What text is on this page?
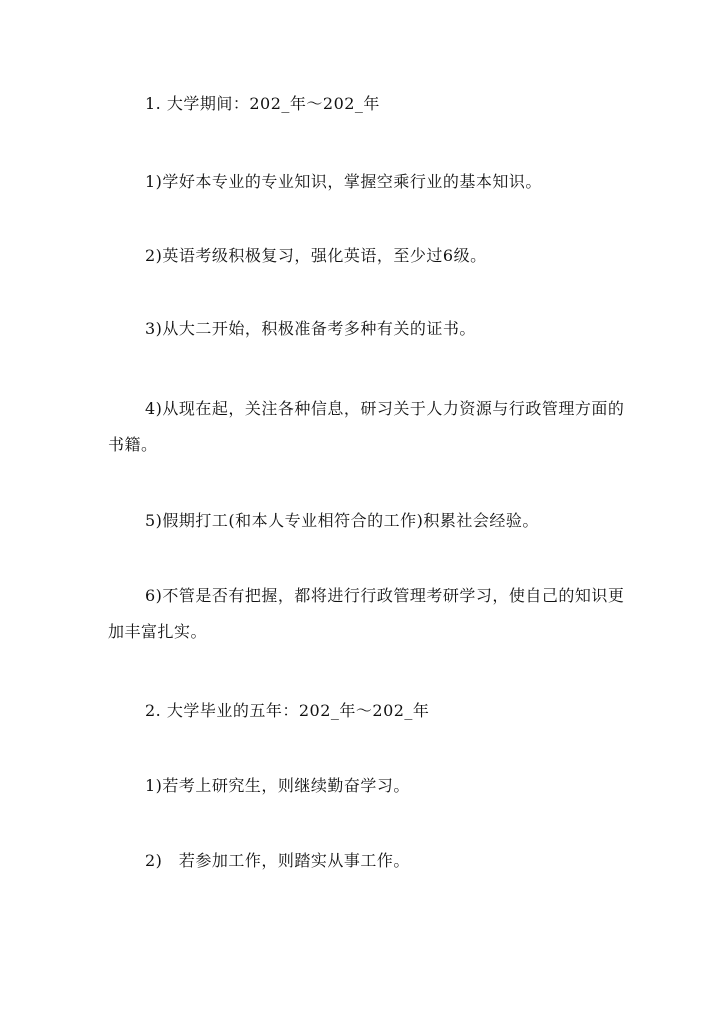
1. 大学期间：202_年～202_年

1)学好本专业的专业知识，掌握空乘行业的基本知识。

2)英语考级积极复习，强化英语，至少过6级。

3)从大二开始，积极准备考多种有关的证书。

4)从现在起，关注各种信息，研习关于人力资源与行政管理方面的书籍。

5)假期打工(和本人专业相符合的工作)积累社会经验。

6)不管是否有把握，都将进行行政管理考研学习，使自己的知识更加丰富扎实。

2. 大学毕业的五年：202_年～202_年

1)若考上研究生，则继续勤奋学习。

2)　若参加工作，则踏实从事工作。
